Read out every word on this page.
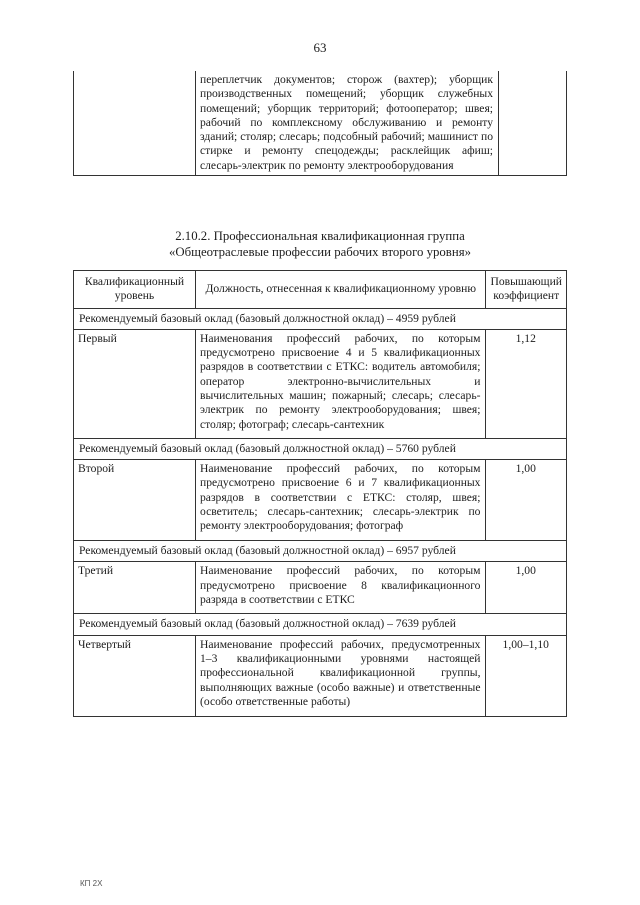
63
	переплетчик документов; сторож (вахтер); уборщик производственных помещений; уборщик служебных помещений; уборщик территорий; фотооператор; швея; рабочий по комплексному обслуживанию и ремонту зданий; столяр; слесарь; подсобный рабочий; машинист по стирке и ремонту спецодежды; расклейщик афиш; слесарь-электрик по ремонту электрооборудования	
2.10.2. Профессиональная квалификационная группа
«Общеотраслевые профессии рабочих второго уровня»
Квалификационный уровень	Должность, отнесенная к квалификационному уровню	Повышающий коэффициент
Рекомендуемый базовый оклад (базовый должностной оклад) – 4959 рублей		
Первый	Наименования профессий рабочих, по которым предусмотрено присвоение 4 и 5 квалификационных разрядов в соответствии с ЕТКС: водитель автомобиля; оператор электронно-вычислительных и вычислительных машин; пожарный; слесарь; слесарь-электрик по ремонту электрооборудования; швея; столяр; фотограф; слесарь-сантехник	1,12
Рекомендуемый базовый оклад (базовый должностной оклад) – 5760 рублей		
Второй	Наименование профессий рабочих, по которым предусмотрено присвоение 6 и 7 квалификационных разрядов в соответствии с ЕТКС: столяр, швея; осветитель; слесарь-сантехник; слесарь-электрик по ремонту электрооборудования; фотограф	1,00
Рекомендуемый базовый оклад (базовый должностной оклад) – 6957 рублей		
Третий	Наименование профессий рабочих, по которым предусмотрено присвоение 8 квалификационного разряда в соответствии с ЕТКС	1,00
Рекомендуемый базовый оклад (базовый должностной оклад) – 7639 рублей		
Четвертый	Наименование профессий рабочих, предусмотренных 1–3 квалификационными уровнями настоящей профессиональной квалификационной группы, выполняющих важные (особо важные) и ответственные (особо ответственные работы)	1,00–1,10
КП 2Х
